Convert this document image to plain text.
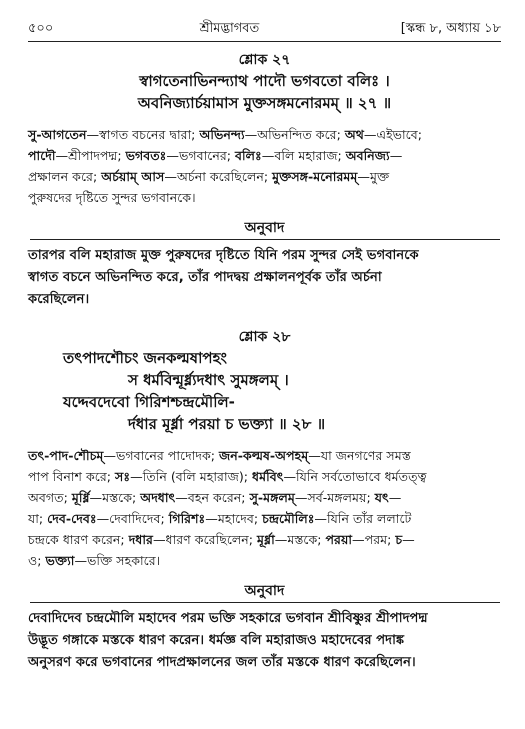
৫০০	শ্রীমদ্ভাগবত	[স্কন্ধ ৮, অধ্যায় ১৮
শ্লোক ২৭
স্বাগতেনাভিনন্দ্যাথ পাদৌ ভগবতো বলিঃ ।
অবনিজ্যার্চয়ামাস মুক্তসঙ্গমনোরমম্ ॥ ২৭ ॥
সু-আগতেন—স্বাগত বচনের দ্বারা; অভিনন্দ্য—অভিনন্দিত করে; অথ—এইভাবে;
পাদৌ—শ্রীপাদপদ্ম; ভগবতঃ—ভগবানের; বলিঃ—বলি মহারাজ; অবনিজ্য—
প্রক্ষালন করে; অর্চয়াম্ আস—অর্চনা করেছিলেন; মুক্তসঙ্গ-মনোরমম্—মুক্ত
পুরুষদের দৃষ্টিতে সুন্দর ভগবানকে।
অনুবাদ
তারপর বলি মহারাজ মুক্ত পুরুষদের দৃষ্টিতে যিনি পরম সুন্দর সেই ভগবানকে
স্বাগত বচনে অভিনন্দিত করে, তাঁর পাদদ্বয় প্রক্ষালনপূর্বক তাঁর অর্চনা
করেছিলেন।
শ্লোক ২৮
তৎপাদশৌচং জনকল্মষাপহং
স ধর্মবিন্মূর্ধ্ন্যদধাৎ সুমঙ্গলম্ ।
যদ্দেবদেবো গিরিশশ্চন্দ্রমৌলি-
র্দধার মূর্ধ্না পরয়া চ ভক্ত্যা ॥ ২৮ ॥
তৎ-পাদ-শৌচম্—ভগবানের পাদোদক; জন-কল্মষ-অপহম্—যা জনগণের সমস্ত
পাপ বিনাশ করে; সঃ—তিনি (বলি মহারাজ); ধর্মবিৎ—যিনি সর্বতোভাবে ধর্মতত্ত্ব
অবগত; মূর্ধ্নি—মস্তকে; অদধাৎ—বহন করেন; সু-মঙ্গলম্—সর্ব-মঙ্গলময়; যৎ—
যা; দেব-দেবঃ—দেবাদিদেব; গিরিশঃ—মহাদেব; চন্দ্রমৌলিঃ—যিনি তাঁর ললাটে
চন্দ্রকে ধারণ করেন; দধার—ধারণ করেছিলেন; মূর্ধ্না—মস্তকে; পরয়া—পরম; চ—
ও; ভক্ত্যা—ভক্তি সহকারে।
অনুবাদ
দেবাদিদেব চন্দ্রমৌলি মহাদেব পরম ভক্তি সহকারে ভগবান শ্রীবিষ্ণুর শ্রীপাদপদ্ম
উদ্ভূত গঙ্গাকে মস্তকে ধারণ করেন। ধর্মজ্ঞ বলি মহারাজও মহাদেবের পদাঙ্ক
অনুসরণ করে ভগবানের পাদপ্রক্ষালনের জল তাঁর মস্তকে ধারণ করেছিলেন।
